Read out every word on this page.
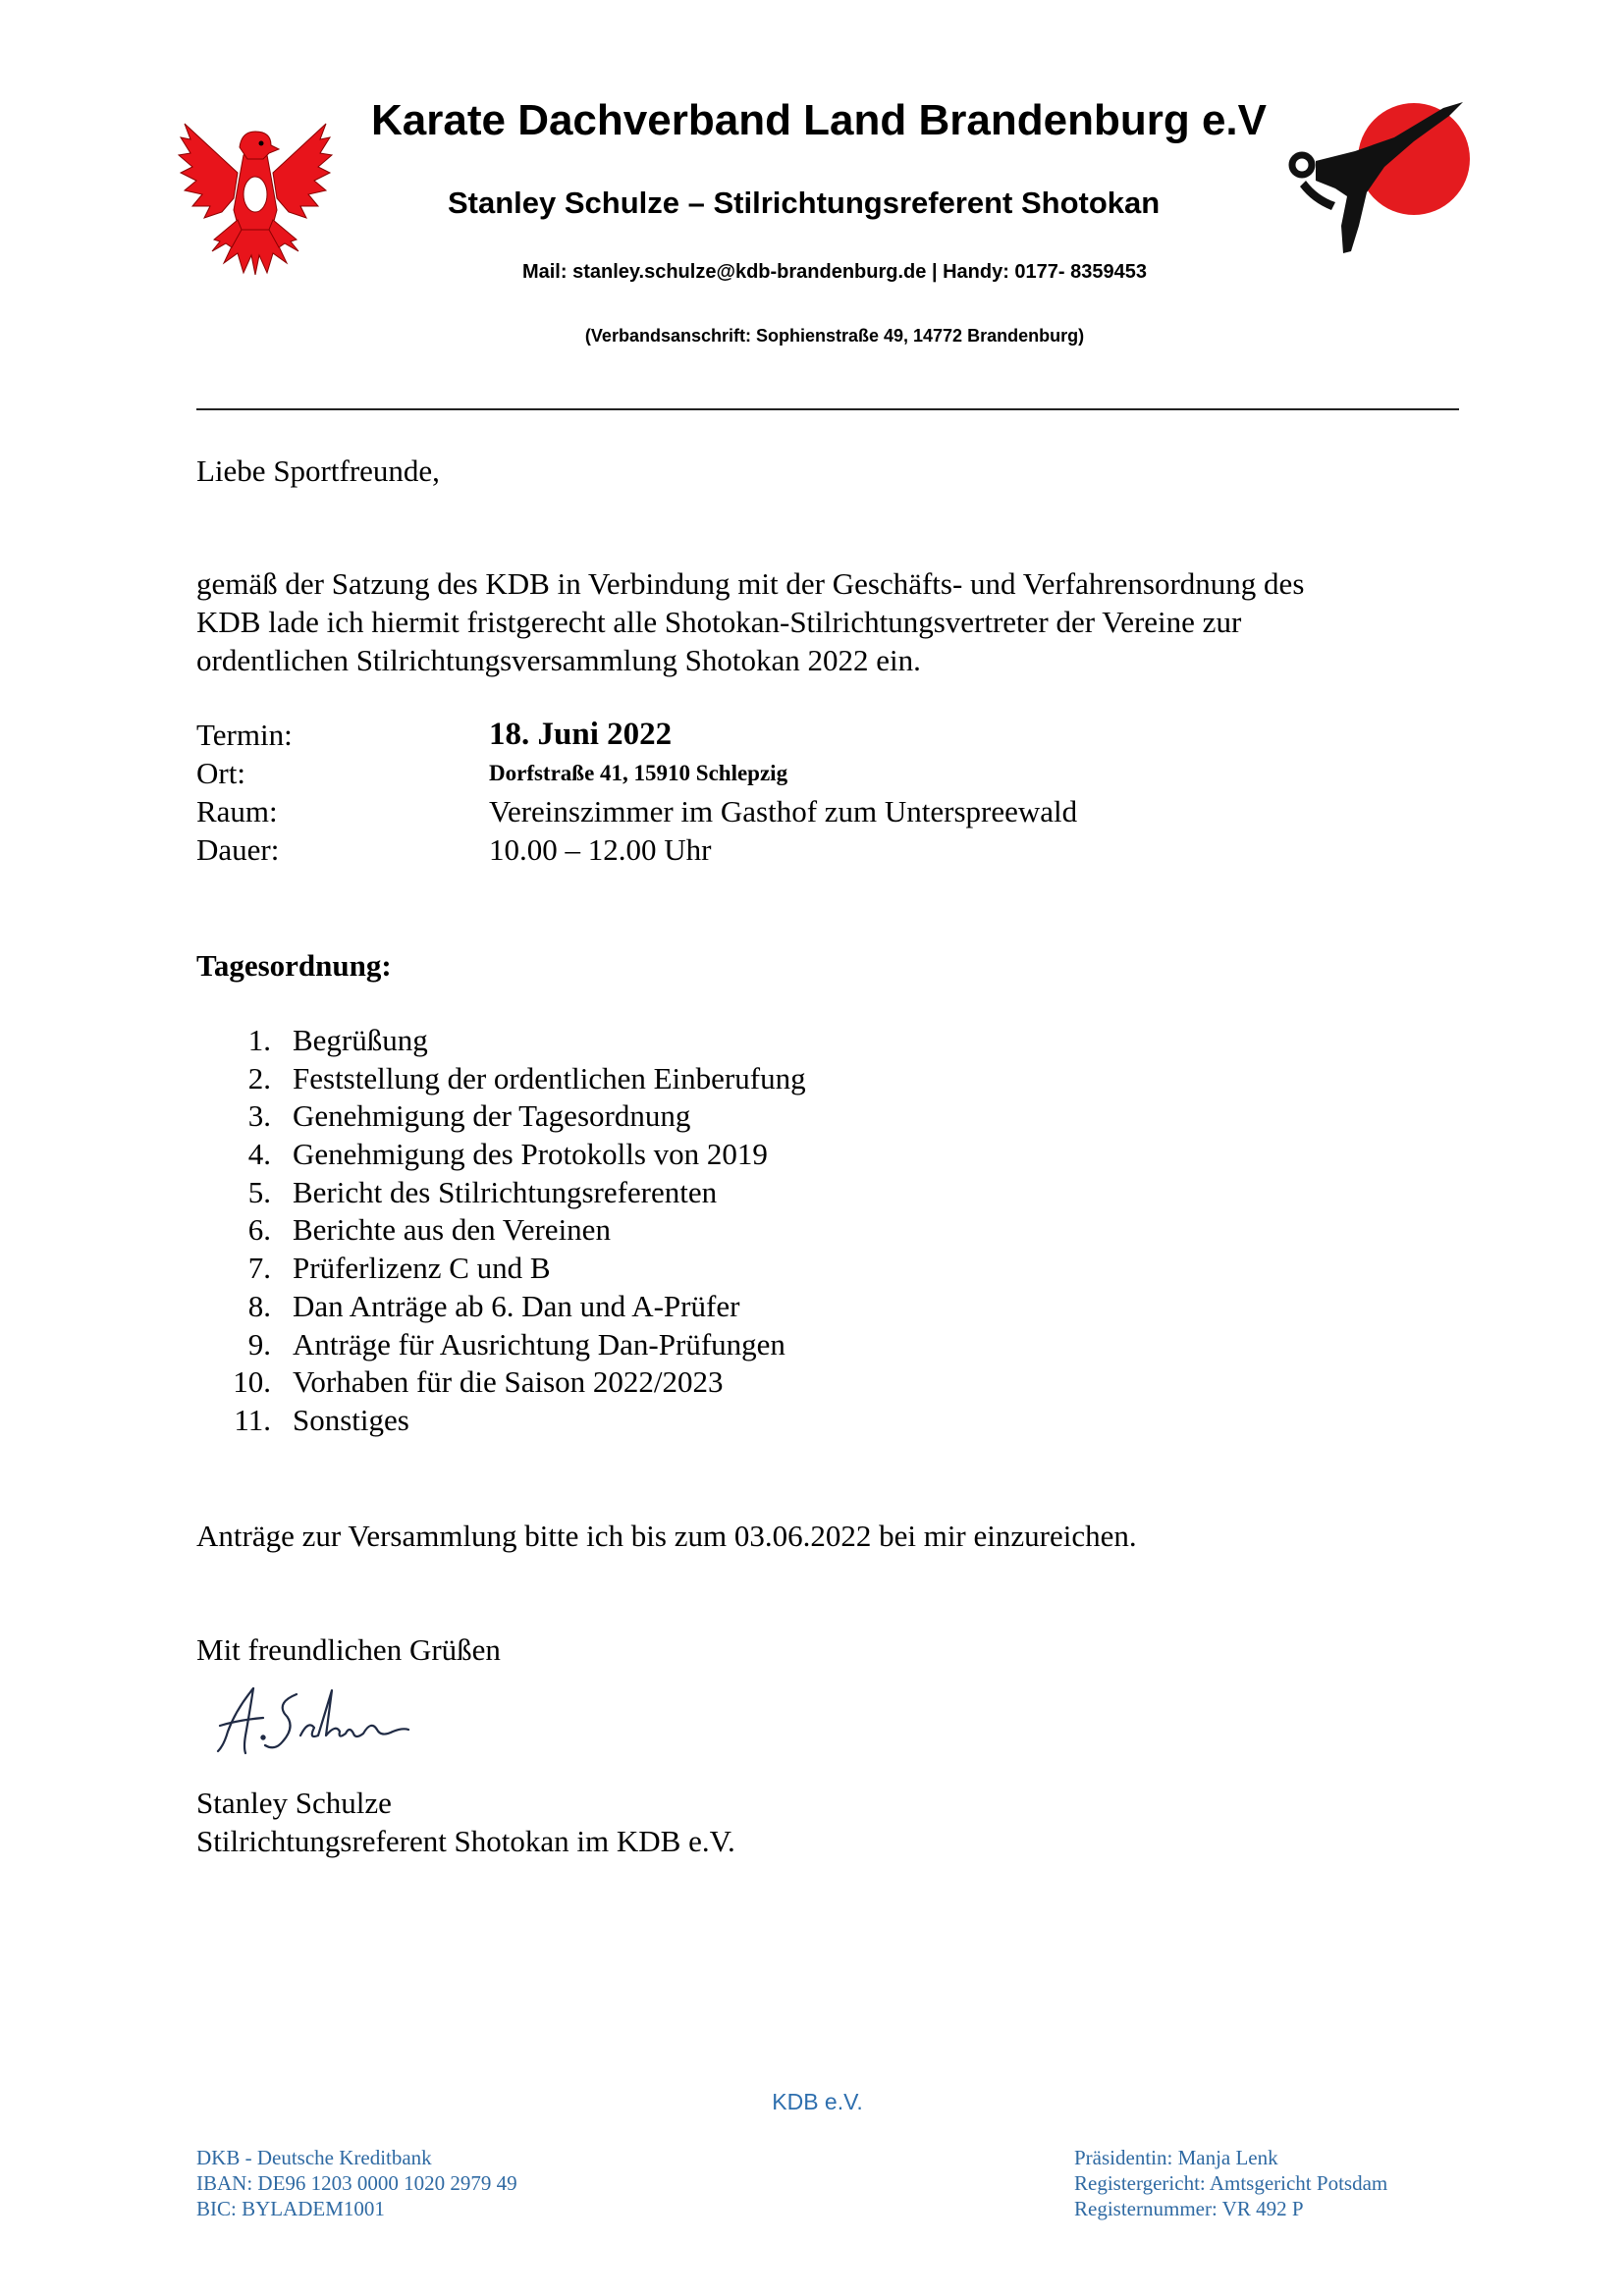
Karate Dachverband Land Brandenburg e.V
Stanley Schulze – Stilrichtungsreferent Shotokan
Mail: stanley.schulze@kdb-brandenburg.de | Handy: 0177- 8359453
(Verbandsanschrift: Sophienstraße 49, 14772 Brandenburg)
Liebe Sportfreunde,
gemäß der Satzung des KDB in Verbindung mit der Geschäfts- und Verfahrensordnung des
KDB lade ich hiermit fristgerecht alle Shotokan-Stilrichtungsvertreter der Vereine zur
ordentlichen Stilrichtungsversammlung Shotokan 2022 ein.
Termin:	18. Juni 2022
Ort:	Dorfstraße 41, 15910 Schlepzig
Raum:	Vereinszimmer im Gasthof zum Unterspreewald
Dauer:	10.00 – 12.00 Uhr
Tagesordnung:
1. Begrüßung
2. Feststellung der ordentlichen Einberufung
3. Genehmigung der Tagesordnung
4. Genehmigung des Protokolls von 2019
5. Bericht des Stilrichtungsreferenten
6. Berichte aus den Vereinen
7. Prüferlizenz C und B
8. Dan Anträge ab 6. Dan und A-Prüfer
9. Anträge für Ausrichtung Dan-Prüfungen
10. Vorhaben für die Saison 2022/2023
11. Sonstiges
Anträge zur Versammlung bitte ich bis zum 03.06.2022 bei mir einzureichen.
Mit freundlichen Grüßen
Stanley Schulze
Stilrichtungsreferent Shotokan im KDB e.V.
KDB e.V.
DKB - Deutsche Kreditbank
IBAN: DE96 1203 0000 1020 2979 49
BIC: BYLADEM1001
Präsidentin: Manja Lenk
Registergericht: Amtsgericht Potsdam
Registernummer: VR 492 P
